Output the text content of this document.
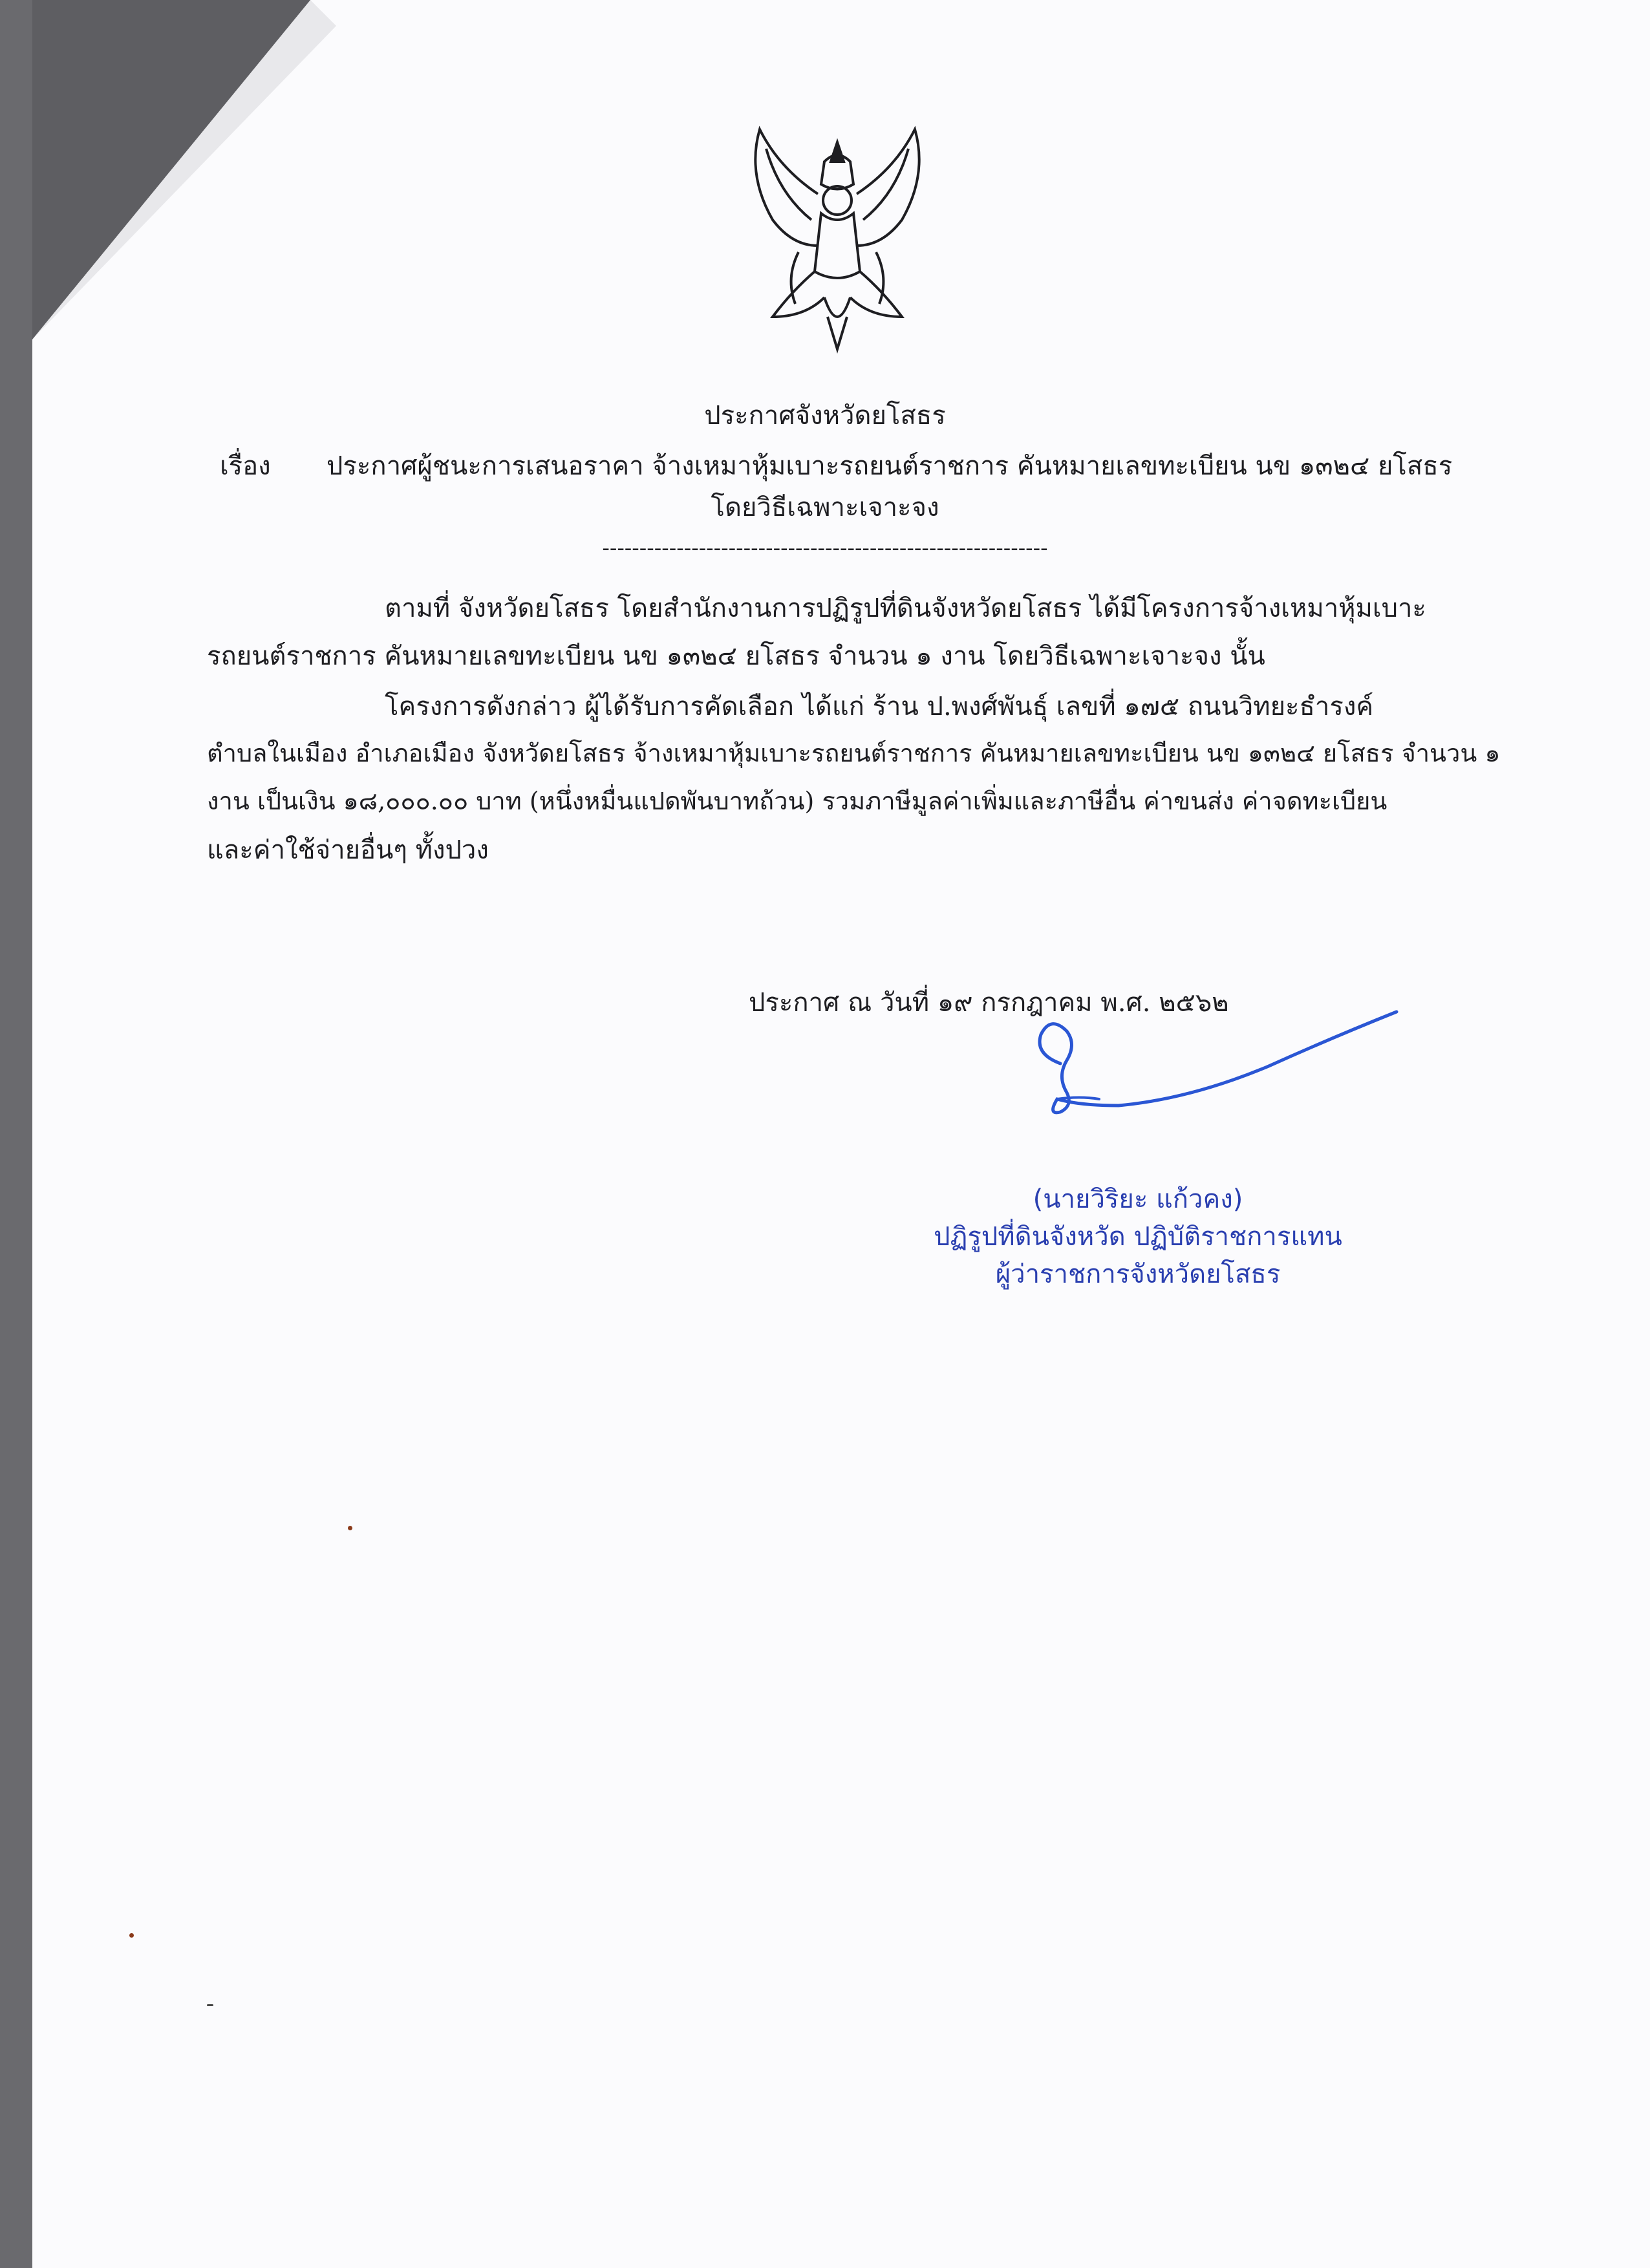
ประกาศจังหวัดยโสธร
เรื่อง ประกาศผู้ชนะการเสนอราคา จ้างเหมาหุ้มเบาะรถยนต์ราชการ คันหมายเลขทะเบียน นข ๑๓๒๔ ยโสธร
โดยวิธีเฉพาะเจาะจง
------------------------------------------------------------
ตามที่ จังหวัดยโสธร โดยสำนักงานการปฏิรูปที่ดินจังหวัดยโสธร ได้มีโครงการจ้างเหมาหุ้มเบาะ
รถยนต์ราชการ คันหมายเลขทะเบียน นข ๑๓๒๔ ยโสธร จำนวน ๑ งาน โดยวิธีเฉพาะเจาะจง นั้น
โครงการดังกล่าว ผู้ได้รับการคัดเลือก ได้แก่ ร้าน ป.พงศ์พันธุ์ เลขที่ ๑๗๕ ถนนวิทยะธำรงค์
ตำบลในเมือง อำเภอเมือง จังหวัดยโสธร จ้างเหมาหุ้มเบาะรถยนต์ราชการ คันหมายเลขทะเบียน นข ๑๓๒๔ ยโสธร จำนวน ๑
งาน เป็นเงิน ๑๘,๐๐๐.๐๐ บาท (หนึ่งหมื่นแปดพันบาทถ้วน) รวมภาษีมูลค่าเพิ่มและภาษีอื่น ค่าขนส่ง ค่าจดทะเบียน
และค่าใช้จ่ายอื่นๆ ทั้งปวง
ประกาศ ณ วันที่ ๑๙ กรกฎาคม พ.ศ. ๒๕๖๒
(นายวิริยะ แก้วคง)
ปฏิรูปที่ดินจังหวัด ปฏิบัติราชการแทน
ผู้ว่าราชการจังหวัดยโสธร
